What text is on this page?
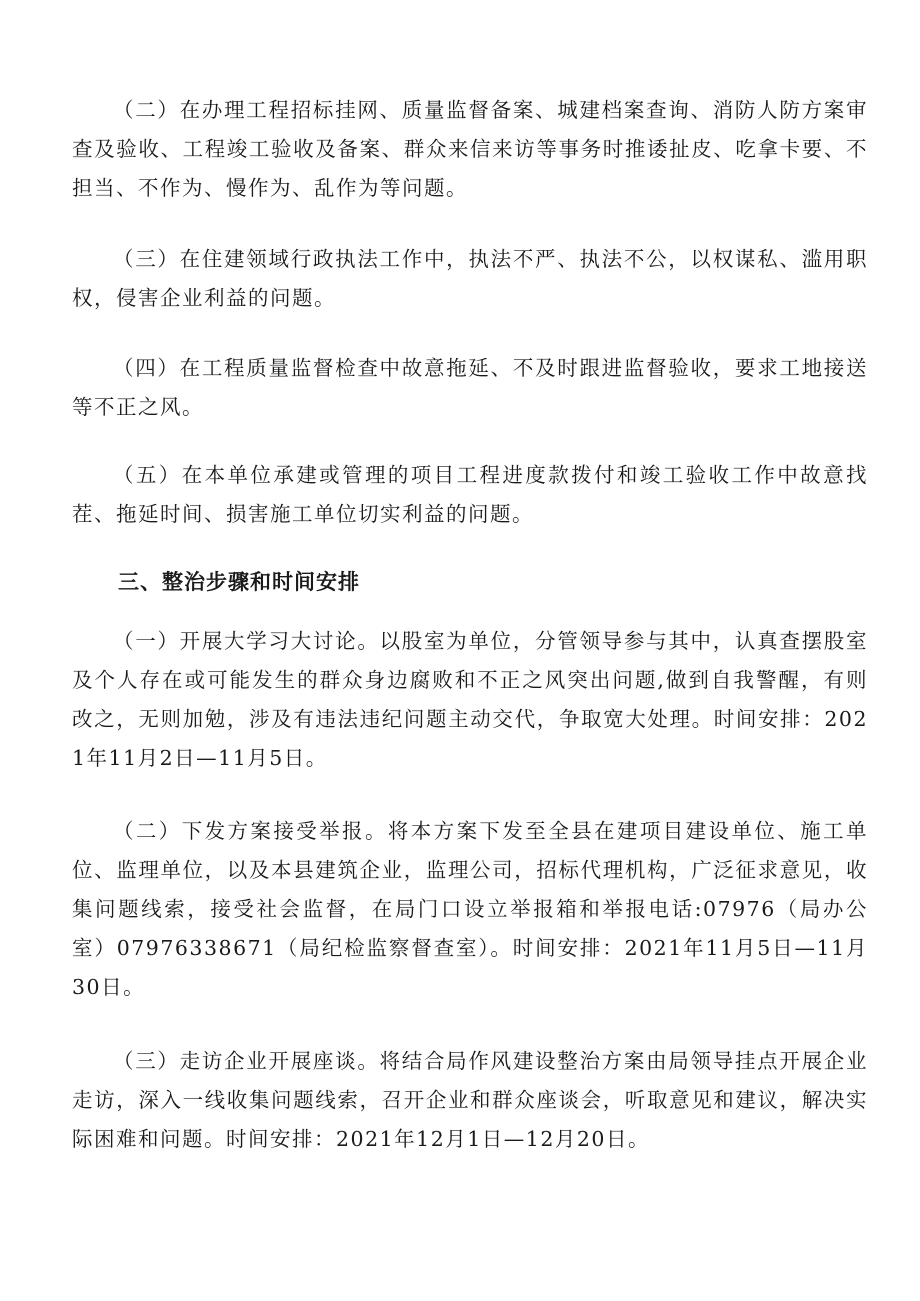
（二）在办理工程招标挂网、质量监督备案、城建档案查询、消防人防方案审查及验收、工程竣工验收及备案、群众来信来访等事务时推诿扯皮、吃拿卡要、不担当、不作为、慢作为、乱作为等问题。

（三）在住建领域行政执法工作中，执法不严、执法不公，以权谋私、滥用职权，侵害企业利益的问题。

（四）在工程质量监督检查中故意拖延、不及时跟进监督验收，要求工地接送等不正之风。

（五）在本单位承建或管理的项目工程进度款拨付和竣工验收工作中故意找茬、拖延时间、损害施工单位切实利益的问题。

三、整治步骤和时间安排

（一）开展大学习大讨论。以股室为单位，分管领导参与其中，认真查摆股室及个人存在或可能发生的群众身边腐败和不正之风突出问题,做到自我警醒，有则改之，无则加勉，涉及有违法违纪问题主动交代，争取宽大处理。时间安排：2021年11月2日—11月5日。

（二）下发方案接受举报。将本方案下发至全县在建项目建设单位、施工单位、监理单位，以及本县建筑企业，监理公司，招标代理机构，广泛征求意见，收集问题线索，接受社会监督，在局门口设立举报箱和举报电话:07976（局办公室）07976338671（局纪检监察督查室）。时间安排：2021年11月5日—11月30日。

（三）走访企业开展座谈。将结合局作风建设整治方案由局领导挂点开展企业走访，深入一线收集问题线索，召开企业和群众座谈会，听取意见和建议，解决实际困难和问题。时间安排：2021年12月1日—12月20日。
